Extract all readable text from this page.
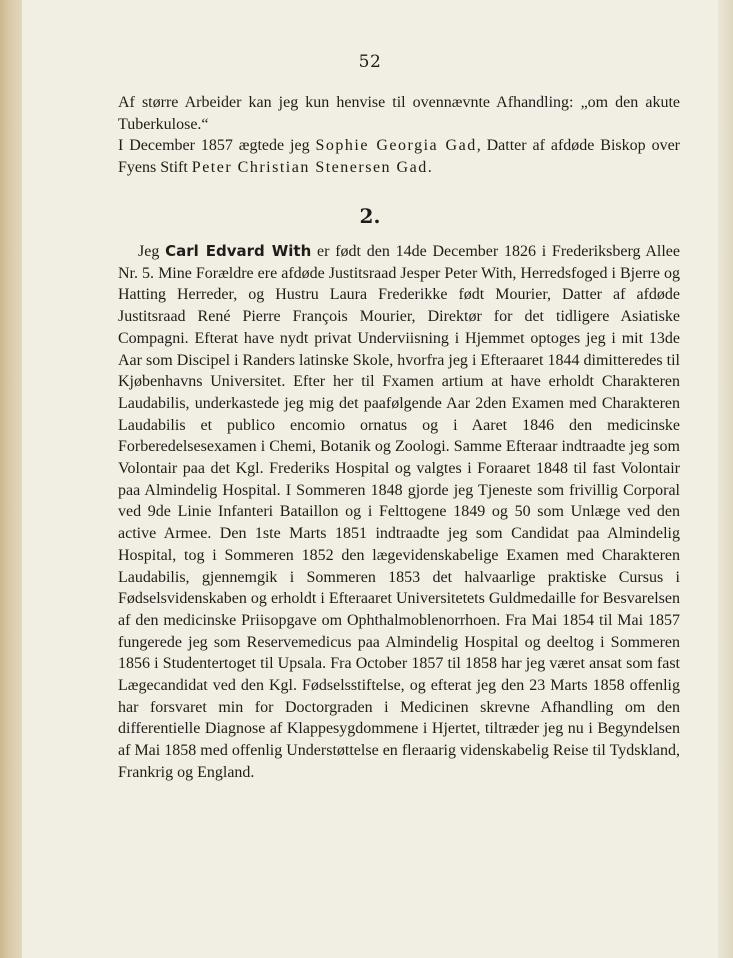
52

Af større Arbeider kan jeg kun henvise til ovennævnte Afhandling: „om den akute Tuberkulose.“

I December 1857 ægtede jeg Sophie Georgia Gad, Datter af afdøde Biskop over Fyens Stift Peter Christian Stenersen Gad.

2.

Jeg Carl Edvard With er født den 14de December 1826 i Frederiksberg Allee Nr. 5. Mine Forældre ere afdøde Justitsraad Jesper Peter With, Herredsfoged i Bjerre og Hatting Herreder, og Hustru Laura Frederikke født Mourier, Datter af afdøde Justitsraad René Pierre François Mourier, Direktør for det tidligere Asiatiske Compagni. Efterat have nydt privat Underviisning i Hjemmet optoges jeg i mit 13de Aar som Discipel i Randers latinske Skole, hvorfra jeg i Efteraaret 1844 dimitteredes til Kjøbenhavns Universitet. Efter her til Fxamen artium at have erholdt Charakteren Laudabilis, underkastede jeg mig det paafølgende Aar 2den Examen med Charakteren Laudabilis et publico encomio ornatus og i Aaret 1846 den medicinske Forberedelsesexamen i Chemi, Botanik og Zoologi. Samme Efteraar indtraadte jeg som Volontair paa det Kgl. Frederiks Hospital og valgtes i Foraaret 1848 til fast Volontair paa Almindelig Hospital. I Sommeren 1848 gjorde jeg Tjeneste som frivillig Corporal ved 9de Linie Infanteri Bataillon og i Felttogene 1849 og 50 som Unlæge ved den active Armee. Den 1ste Marts 1851 indtraadte jeg som Candidat paa Almindelig Hospital, tog i Sommeren 1852 den lægevidenskabelige Examen med Charakteren Laudabilis, gjennemgik i Sommeren 1853 det halvaarlige praktiske Cursus i Fødselsvidenskaben og erholdt i Efteraaret Universitetets Guldmedaille for Besvarelsen af den medicinske Priisopgave om Ophthalmoblenorrhoen. Fra Mai 1854 til Mai 1857 fungerede jeg som Reservemedicus paa Almindelig Hospital og deeltog i Sommeren 1856 i Studentertoget til Upsala. Fra October 1857 til 1858 har jeg været ansat som fast Lægecandidat ved den Kgl. Fødselsstiftelse, og efterat jeg den 23 Marts 1858 offenlig har forsvaret min for Doctorgraden i Medicinen skrevne Afhandling om den differentielle Diagnose af Klappesygdommene i Hjertet, tiltræder jeg nu i Begyndelsen af Mai 1858 med offenlig Understøttelse en fleraarig videnskabelig Reise til Tydskland, Frankrig og England.
